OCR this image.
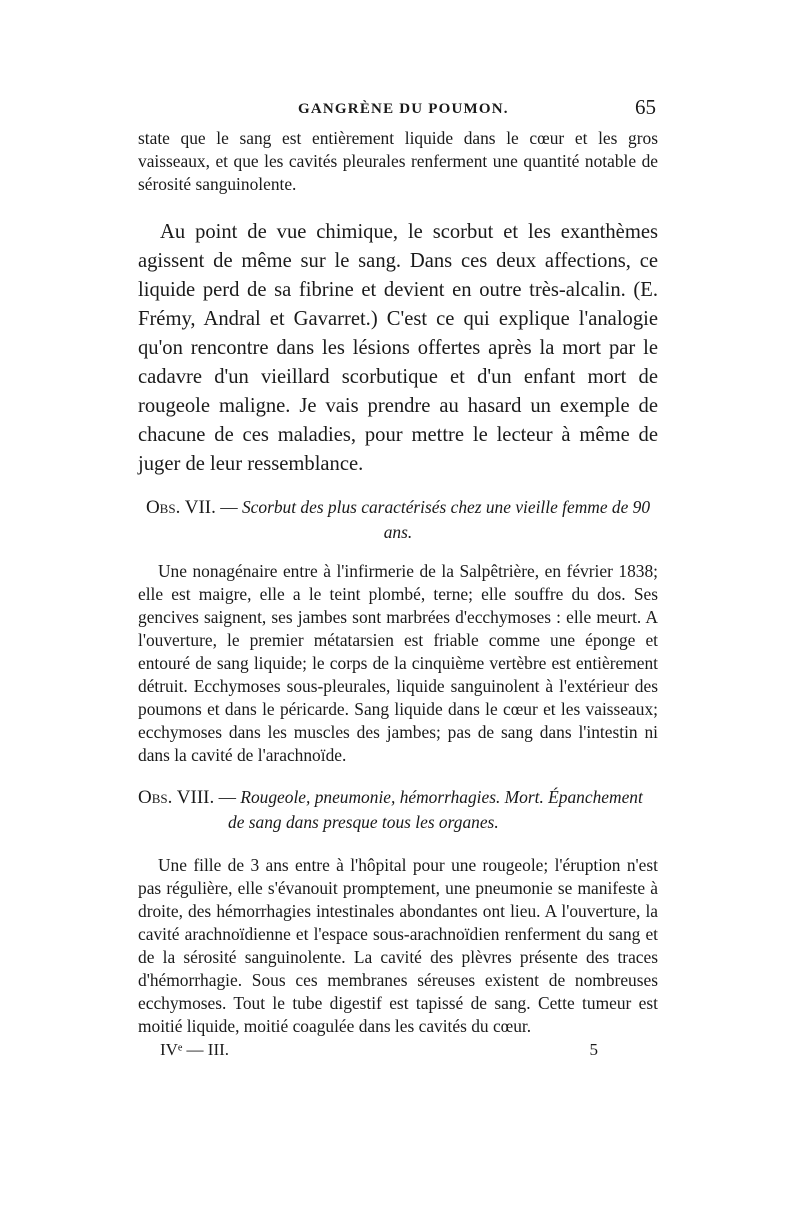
GANGRÈNE DU POUMON.	65

state que le sang est entièrement liquide dans le cœur et les gros vaisseaux, et que les cavités pleurales renferment une quantité notable de sérosité sanguinolente.

Au point de vue chimique, le scorbut et les exanthèmes agissent de même sur le sang. Dans ces deux affections, ce liquide perd de sa fibrine et devient en outre très-alcalin. (E. Frémy, Andral et Gavarret.) C'est ce qui explique l'analogie qu'on rencontre dans les lésions offertes après la mort par le cadavre d'un vieillard scorbutique et d'un enfant mort de rougeole maligne. Je vais prendre au hasard un exemple de chacune de ces maladies, pour mettre le lecteur à même de juger de leur ressemblance.

Obs. VII. — Scorbut des plus caractérisés chez une vieille femme de 90 ans.

Une nonagénaire entre à l'infirmerie de la Salpêtrière, en février 1838; elle est maigre, elle a le teint plombé, terne; elle souffre du dos. Ses gencives saignent, ses jambes sont marbrées d'ecchymoses : elle meurt. A l'ouverture, le premier métatarsien est friable comme une éponge et entouré de sang liquide; le corps de la cinquième vertèbre est entièrement détruit. Ecchymoses sous-pleurales, liquide sanguinolent à l'extérieur des poumons et dans le péricarde. Sang liquide dans le cœur et les vaisseaux; ecchymoses dans les muscles des jambes; pas de sang dans l'intestin ni dans la cavité de l'arachnoïde.

Obs. VIII. — Rougeole, pneumonie, hémorrhagies. Mort. Épanchement de sang dans presque tous les organes.

Une fille de 3 ans entre à l'hôpital pour une rougeole; l'éruption n'est pas régulière, elle s'évanouit promptement, une pneumonie se manifeste à droite, des hémorrhagies intestinales abondantes ont lieu. A l'ouverture, la cavité arachnoïdienne et l'espace sous-arachnoïdien renferment du sang et de la sérosité sanguinolente. La cavité des plèvres présente des traces d'hémorrhagie. Sous ces membranes séreuses existent de nombreuses ecchymoses. Tout le tube digestif est tapissé de sang. Cette tumeur est moitié liquide, moitié coagulée dans les cavités du cœur.

IVᵉ — III.	5
